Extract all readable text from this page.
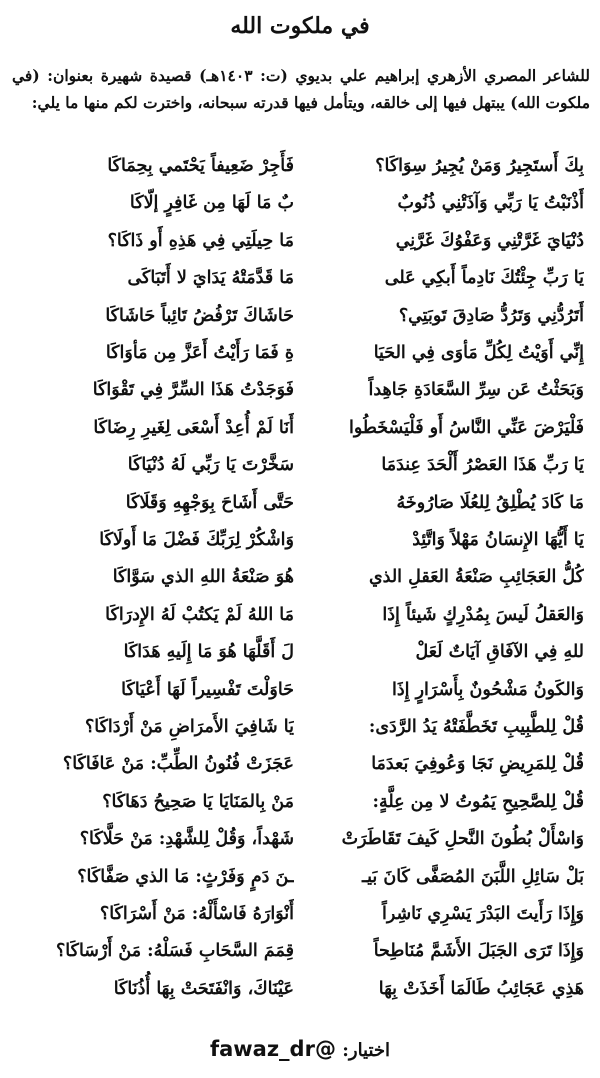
في ملكوت الله
للشاعر المصري الأزهري إبراهيم علي بديوي (ت: ١٤٠٣هـ) قصيدة شهيرة بعنوان: (في ملكوت الله) يبتهل فيها إلى خالقه، ويتأمل فيها قدرته سبحانه، واخترت لكم منها ما يلي:
بِكَ أَستَجِيرُ وَمَنْ يُجِيرُ سِوَاكَا؟
فَأَجِرْ ضَعِيفاً يَحْتَمي بِحِمَاكَا
أَذْنَبْتُ يَا رَبِّي وَآذَتْنِي ذُنُوبٌ
بٌ مَا لَهَا مِن غَافِرٍ إلّاكَا
دُنْيَايَ غَرَّتْنِي وَعَفْوُكَ غَرَّنِي
مَا حِيلَتِي فِي هَذِهِ أَو ذَاكَا؟
يَا رَبِّ جِئْتُكَ نَادِماً أَبكِي عَلى
مَا قَدَّمَتْهُ يَدَايَ لا أَتَبَاكَى
أَتَرُدُّنِي وَتَرُدُّ صَادِقَ تَوبَتِي؟
حَاشَاكَ تَرْفُضُ تَائِباً حَاشَاكَا
إِنِّي أَوَيْتُ لِكُلِّ مَأوَى فِي الحَيَا
ةِ فَمَا رَأَيْتُ أَعَزَّ مِن مَأوَاكَا
وَبَحَثْتُ عَن سِرِّ السَّعَادَةِ جَاهِداً
فَوَجَدْتُ هَذَا السِّرَّ فِي تَقْوَاكَا
فَلْيَرْضَ عَنِّي النَّاسُ أَو فَلْيَسْخَطُوا
أَنَا لَمْ أُعِدْ أَسْعَى لِغَيرِ رِضَاكَا
يَا رَبِّ هَذَا العَصْرُ أَلْحَدَ عِندَمَا
سَخَّرْتَ يَا رَبِّي لَهُ دُنْيَاكَا
مَا كَادَ يُطْلِقُ لِلعُلَا صَارُوخَهُ
حَتَّى أَشَاحَ بِوَجْهِهِ وَقَلَاكَا
يَا أَيُّهَا الإِنسَانُ مَهْلاً وَاتَّئِدْ
وَاشْكُرْ لِرَبِّكَ فَضْلَ مَا أَولَاكَا
كُلُّ العَجَائِبِ صَنْعَةُ العَقلِ الذي
هُوَ صَنْعَةُ اللهِ الذي سَوَّاكَا
وَالعَقلُ لَيسَ بِمُدْرِكٍ شَيئاً إِذَا
مَا اللهُ لَمْ يَكتُبْ لَهُ الإِدرَاكَا
للهِ فِي الآفَاقِ آيَاتٌ لَعَلْ
لَ أَقَلَّهَا هُوَ مَا إِلَيهِ هَدَاكَا
وَالكَونُ مَشْحُونٌ بِأَسْرَارٍ إِذَا
حَاوَلْتَ تَفْسِيراً لَهَا أَعْيَاكَا
قُلْ لِلطَّبِيبِ تَخَطَّفَتْهُ يَدُ الرَّدَى:
يَا شَافِيَ الأَمرَاضِ مَنْ أَرْدَاكَا؟
قُلْ لِلمَرِيضِ نَجَا وَعُوفِيَ بَعدَمَا
عَجَزَتْ فُنُونُ الطِّبِّ: مَنْ عَافَاكَا؟
قُلْ لِلصَّحِيحِ يَمُوتُ لا مِن عِلَّةٍ:
مَنْ بِالمَنَايَا يَا صَحِيحُ دَهَاكَا؟
وَاسْأَلْ بُطُونَ النَّحلِ كَيفَ تَقَاطَرَتْ
شَهْداً، وَقُلْ لِلشَّهْدِ: مَنْ حَلَّاكَا؟
بَلْ سَائِلِ اللَّبَنَ المُصَفَّى كَانَ بَيـ
ـنَ دَمٍ وَفَرْثٍ: مَا الذي صَفَّاكَا؟
وَإِذَا رَأَيتَ البَدْرَ يَسْرِي نَاشِراً
أَنْوَارَهُ فَاسْأَلْهُ: مَنْ أَسْرَاكَا؟
وَإِذَا تَرَى الجَبَلَ الأَشَمَّ مُنَاطِحاً
قِمَمَ السَّحَابِ فَسَلْهُ: مَنْ أَرْسَاكَا؟
هَذِي عَجَائِبُ طَالَمَا أَخَذَتْ بِهَا
عَيْنَاكَ، وَانْفَتَحَتْ بِهَا أُذُنَاكَا
اختيار: fawaz_dr@
